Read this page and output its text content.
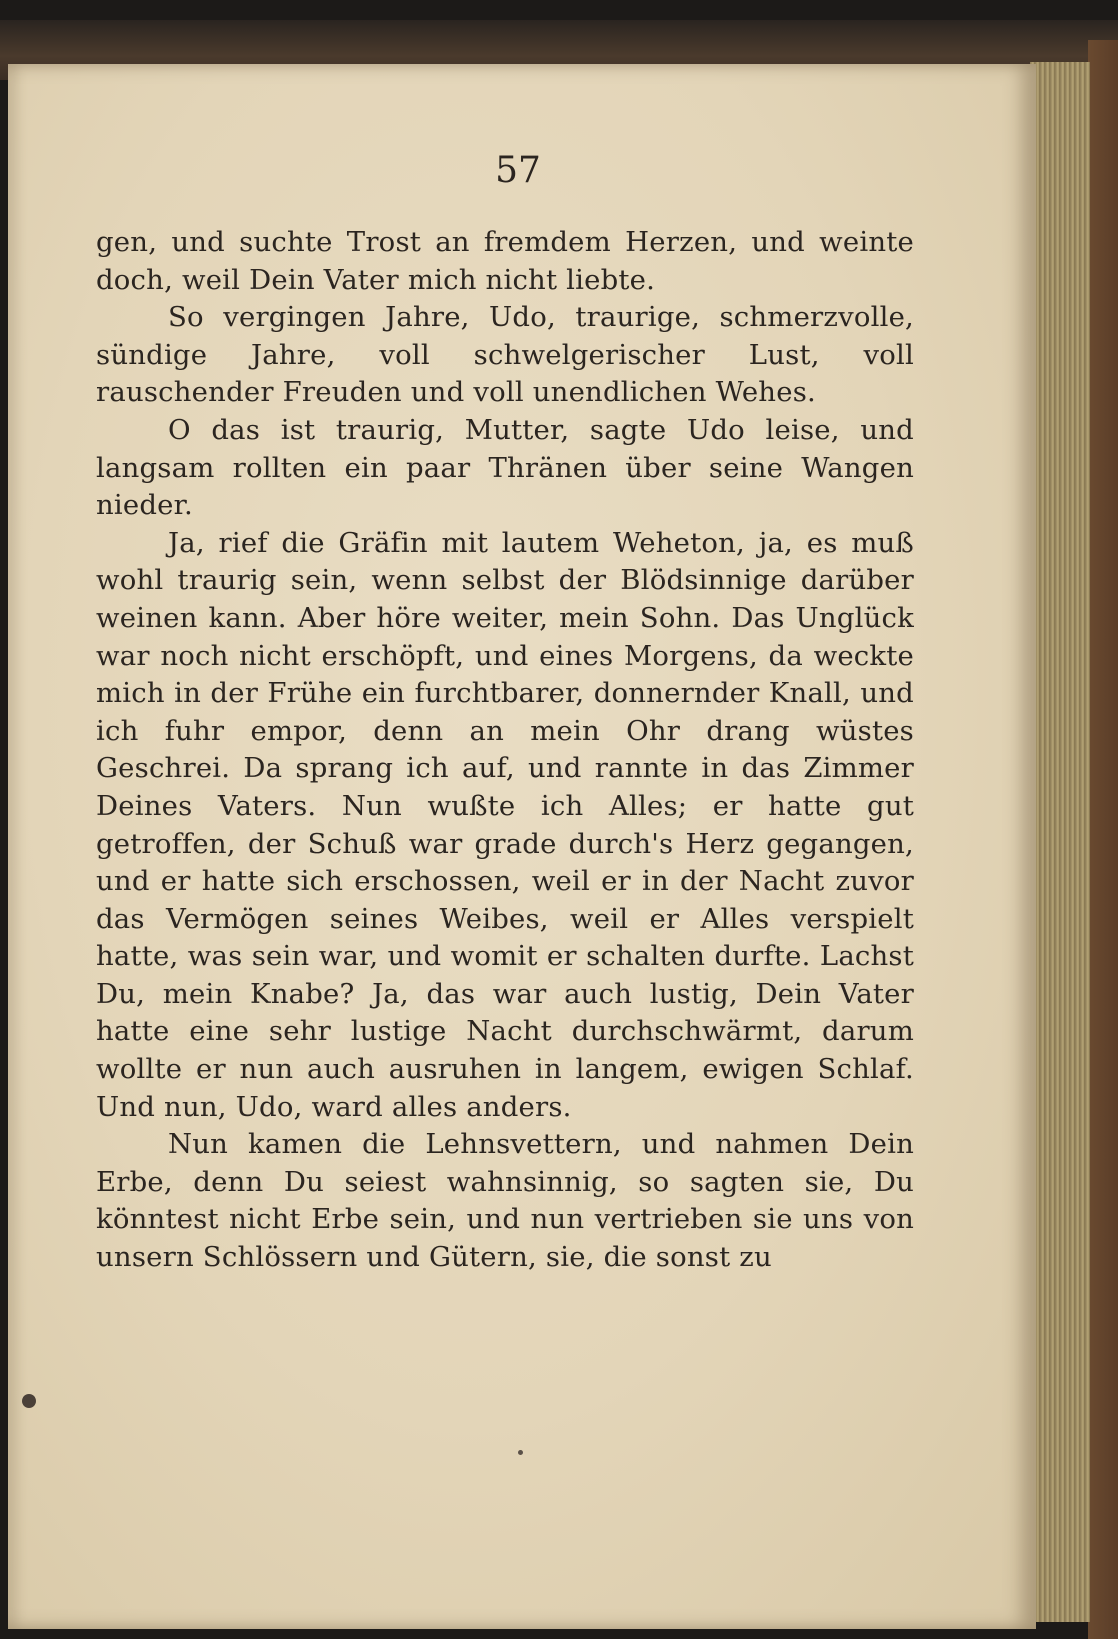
57

gen, und suchte Trost an fremdem Herzen, und weinte doch, weil Dein Vater mich nicht liebte.

So vergingen Jahre, Udo, traurige, schmerzvolle, sündige Jahre, voll schwelgerischer Lust, voll rauschender Freuden und voll unendlichen Wehes.

O das ist traurig, Mutter, sagte Udo leise, und langsam rollten ein paar Thränen über seine Wangen nieder.

Ja, rief die Gräfin mit lautem Weheton, ja, es muß wohl traurig sein, wenn selbst der Blödsinnige darüber weinen kann. Aber höre weiter, mein Sohn. Das Unglück war noch nicht erschöpft, und eines Morgens, da weckte mich in der Frühe ein furchtbarer, donnernder Knall, und ich fuhr empor, denn an mein Ohr drang wüstes Geschrei. Da sprang ich auf, und rannte in das Zimmer Deines Vaters. Nun wußte ich Alles; er hatte gut getroffen, der Schuß war grade durch's Herz gegangen, und er hatte sich erschossen, weil er in der Nacht zuvor das Vermögen seines Weibes, weil er Alles verspielt hatte, was sein war, und womit er schalten durfte. Lachst Du, mein Knabe? Ja, das war auch lustig, Dein Vater hatte eine sehr lustige Nacht durchschwärmt, darum wollte er nun auch ausruhen in langem, ewigen Schlaf. Und nun, Udo, ward alles anders.

Nun kamen die Lehnsvettern, und nahmen Dein Erbe, denn Du seiest wahnsinnig, so sagten sie, Du könntest nicht Erbe sein, und nun vertrieben sie uns von unsern Schlössern und Gütern, sie, die sonst zu
